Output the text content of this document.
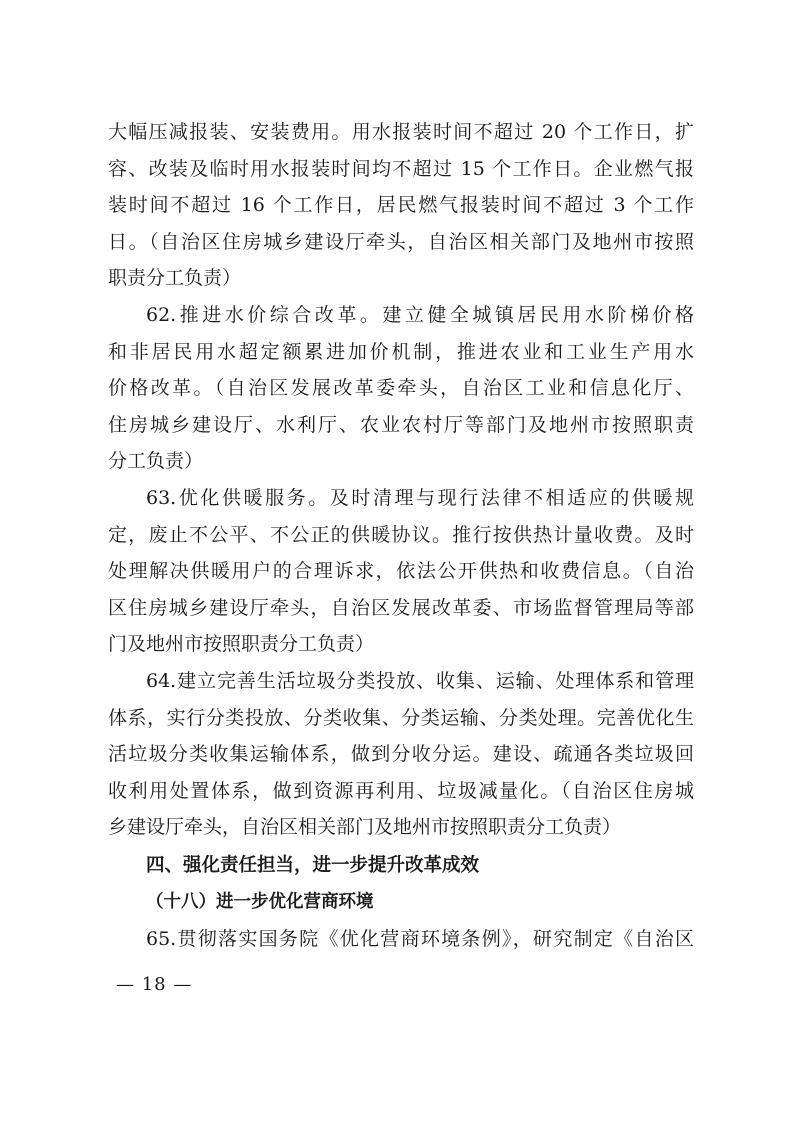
大幅压减报装、安装费用。用水报装时间不超过 20 个工作日，扩
容、改装及临时用水报装时间均不超过 15 个工作日。企业燃气报
装时间不超过 16 个工作日，居民燃气报装时间不超过 3 个工作
日。（自治区住房城乡建设厅牵头，自治区相关部门及地州市按照
职责分工负责）
62.推进水价综合改革。建立健全城镇居民用水阶梯价格
和非居民用水超定额累进加价机制，推进农业和工业生产用水
价格改革。（自治区发展改革委牵头，自治区工业和信息化厅、
住房城乡建设厅、水利厅、农业农村厅等部门及地州市按照职责
分工负责）
63.优化供暖服务。及时清理与现行法律不相适应的供暖规
定，废止不公平、不公正的供暖协议。推行按供热计量收费。及时
处理解决供暖用户的合理诉求，依法公开供热和收费信息。（自治
区住房城乡建设厅牵头，自治区发展改革委、市场监督管理局等部
门及地州市按照职责分工负责）
64.建立完善生活垃圾分类投放、收集、运输、处理体系和管理
体系，实行分类投放、分类收集、分类运输、分类处理。完善优化生
活垃圾分类收集运输体系，做到分收分运。建设、疏通各类垃圾回
收利用处置体系，做到资源再利用、垃圾减量化。（自治区住房城
乡建设厅牵头，自治区相关部门及地州市按照职责分工负责）
四、强化责任担当，进一步提升改革成效
（十八）进一步优化营商环境
65.贯彻落实国务院《优化营商环境条例》，研究制定《自治区
— 18 —
